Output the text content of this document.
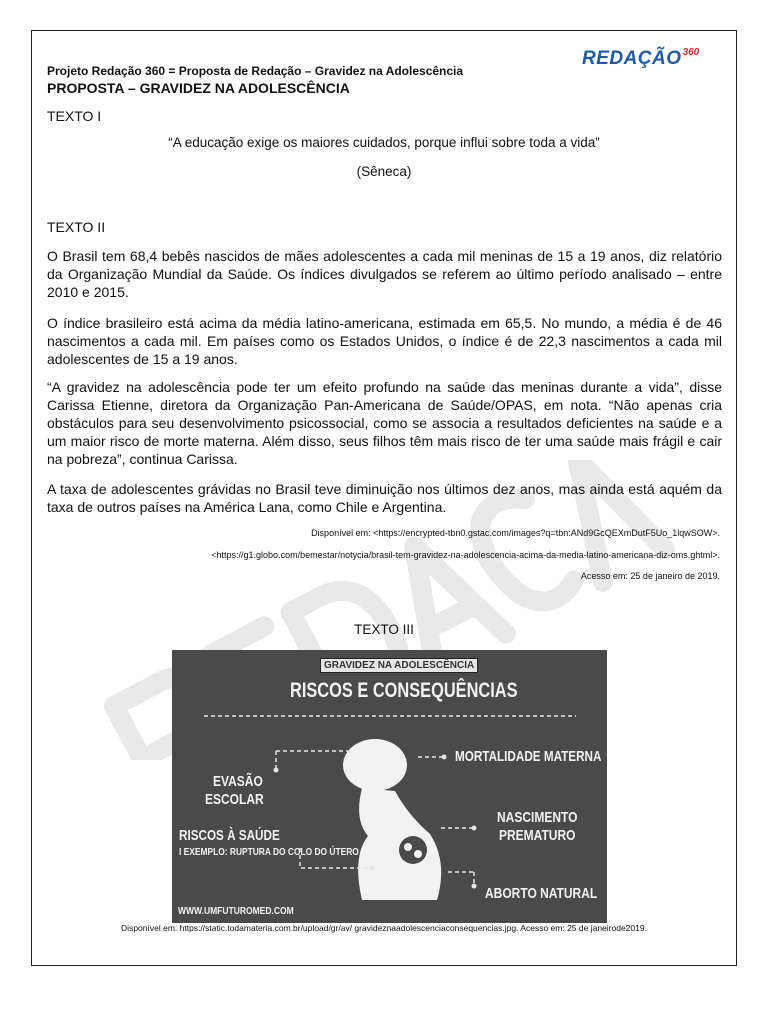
Projeto Redação 360 = Proposta de Redação – Gravidez na Adolescência
PROPOSTA – GRAVIDEZ NA ADOLESCÊNCIA
REDAÇÃO$^{360}$
TEXTO I
“A educação exige os maiores cuidados, porque influi sobre toda a vida”
(Sêneca)
TEXTO II
O Brasil tem 68,4 bebês nascidos de mães adolescentes a cada mil meninas de 15 a 19 anos, diz relatório da Organização Mundial da Saúde. Os índices divulgados se referem ao último período analisado – entre 2010 e 2015.
O índice brasileiro está acima da média latino-americana, estimada em 65,5. No mundo, a média é de 46 nascimentos a cada mil. Em países como os Estados Unidos, o índice é de 22,3 nascimentos a cada mil adolescentes de 15 a 19 anos.
“A gravidez na adolescência pode ter um efeito profundo na saúde das meninas durante a vida”, disse Carissa Etienne, diretora da Organização Pan-Americana de Saúde/OPAS, em nota. “Não apenas cria obstáculos para seu desenvolvimento psicossocial, como se associa a resultados deficientes na saúde e a um maior risco de morte materna. Além disso, seus filhos têm mais risco de ter uma saúde mais frágil e cair na pobreza”, continua Carissa.
A taxa de adolescentes grávidas no Brasil teve diminuição nos últimos dez anos, mas ainda está aquém da taxa de outros países na América Lana, como Chile e Argentina.
Disponível em: <https://encrypted-tbn0.gstac.com/images?q=tbn:ANd9GcQEXmDutF5Uo_1lqwSOW>.
<https://g1.globo.com/bemestar/notycia/brasil-tem-gravidez-na-adolescencia-acima-da-media-latino-americana-diz-oms.ghtml>.
Acesso em: 25 de janeiro de 2019.
TEXTO III
GRAVIDEZ NA ADOLESCÊNCIA
RISCOS E CONSEQUÊNCIAS
MORTALIDADE MATERNA
EVASÃO
ESCOLAR
NASCIMENTO
PREMATURO
RISCOS À SAÚDE
I EXEMPLO: RUPTURA DO COLO DO ÚTERO
ABORTO NATURAL
WWW.UMFUTUROMED.COM
Disponível em: https://static.todamateria.com.br/upload/gr/av/ gravideznaadolescenciaconsequencias.jpg. Acesso em: 25 de janeirode2019.
